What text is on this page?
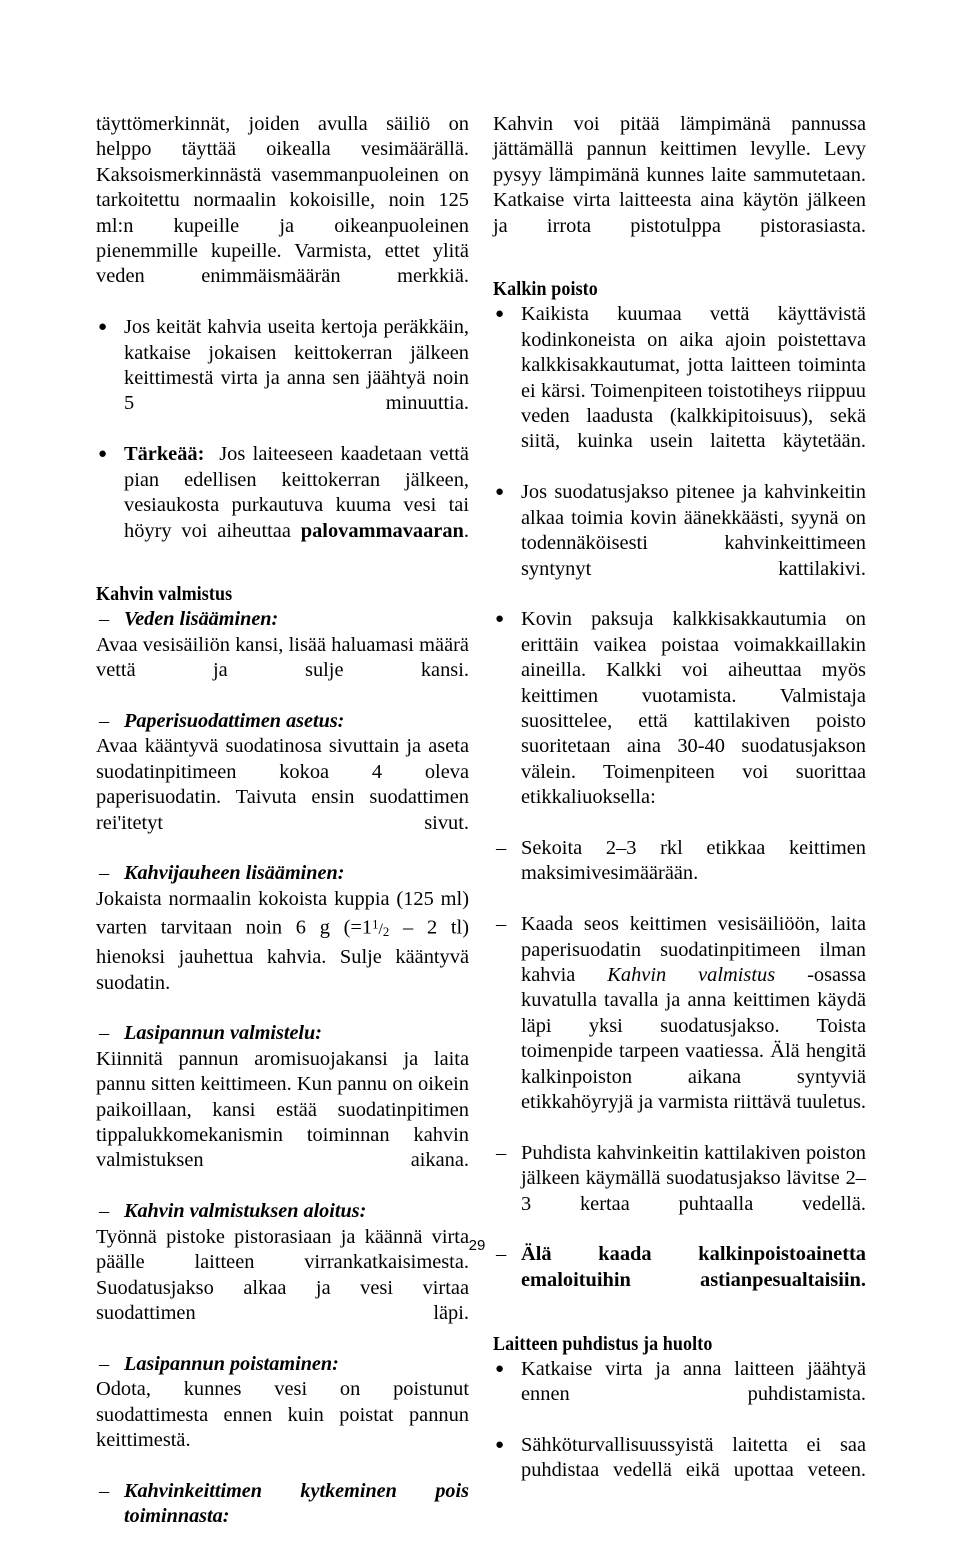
täyttömerkinnät, joiden avulla säiliö on helppo täyttää oikealla vesimäärällä. Kaksoismerkinnästä vasemmanpuoleinen on tarkoitettu normaalin kokoisille, noin 125 ml:n kupeille ja oikeanpuoleinen pienemmille kupeille. Varmista, ettet ylitä veden enimmäismäärän merkkiä.

● Jos keität kahvia useita kertoja peräkkäin, katkaise jokaisen keittokerran jälkeen keittimestä virta ja anna sen jäähtyä noin 5 minuuttia.
● Tärkeää: Jos laiteeseen kaadetaan vettä pian edellisen keittokerran jälkeen, vesiaukosta purkautuva kuuma vesi tai höyry voi aiheuttaa palovammavaaran.

Kahvin valmistus

– Veden lisääminen:

Avaa vesisäiliön kansi, lisää haluamasi määrä vettä ja sulje kansi.

– Paperisuodattimen asetus:

Avaa kääntyvä suodatinosa sivuttain ja aseta suodatinpitimeen kokoa 4 oleva paperisuodatin. Taivuta ensin suodattimen rei'itetyt sivut.

– Kahvijauheen lisääminen:

Jokaista normaalin kokoista kuppia (125 ml) varten tarvitaan noin 6 g ($=1^1/_2 - 2$ tl) hienoksi jauhettua kahvia. Sulje kääntyvä suodatin.

– Lasipannun valmistelu:

Kiinnitä pannun aromisuojakansi ja laita pannu sitten keittimeen. Kun pannu on oikein paikoillaan, kansi estää suodatinpitimen tippalukkomekanismin toiminnan kahvin valmistuksen aikana.

– Kahvin valmistuksen aloitus:

Työnnä pistoke pistorasiaan ja käännä virta päälle laitteen virrankatkaisimesta. Suodatusjakso alkaa ja vesi virtaa suodattimen läpi.

– Lasipannun poistaminen:

Odota, kunnes vesi on poistunut suodattimesta ennen kuin poistat pannun keittimestä.

– Kahvinkeittimen kytkeminen pois toiminnasta:

Kahvin voi pitää lämpimänä pannussa jättämällä pannun keittimen levylle. Levy pysyy lämpimänä kunnes laite sammutetaan. Katkaise virta laitteesta aina käytön jälkeen ja irrota pistotulppa pistorasiasta.

Kalkin poisto

● Kaikista kuumaa vettä käyttävistä kodinkoneista on aika ajoin poistettava kalkkisakkautumat, jotta laitteen toiminta ei kärsi. Toimenpiteen toistotiheys riippuu veden laadusta (kalkkipitoisuus), sekä siitä, kuinka usein laitetta käytetään.
● Jos suodatusjakso pitenee ja kahvinkeitin alkaa toimia kovin äänekkäästi, syynä on todennäköisesti kahvinkeittimeen syntynyt kattilakivi.
● Kovin paksuja kalkkisakkautumia on erittäin vaikea poistaa voimakkaillakin aineilla. Kalkki voi aiheuttaa myös keittimen vuotamista. Valmistaja suosittelee, että kattilakiven poisto suoritetaan aina 30-40 suodatusjakson välein. Toimenpiteen voi suorittaa etikkaliuoksella:
– Sekoita 2–3 rkl etikkaa keittimen maksimivesimäärään.
– Kaada seos keittimen vesisäiliöön, laita paperisuodatin suodatinpitimeen ilman kahvia Kahvin valmistus -osassa kuvatulla tavalla ja anna keittimen käydä läpi yksi suodatusjakso. Toista toimenpide tarpeen vaatiessa. Älä hengitä kalkinpoiston aikana syntyviä etikkahöyryjä ja varmista riittävä tuuletus.
– Puhdista kahvinkeitin kattilakiven poiston jälkeen käymällä suodatusjakso lävitse 2–3 kertaa puhtaalla vedellä.
– Älä kaada kalkinpoistoainetta emaloituihin astianpesualtaisiin.

Laitteen puhdistus ja huolto

● Katkaise virta ja anna laitteen jäähtyä ennen puhdistamista.
● Sähköturvallisuussyistä laitetta ei saa puhdistaa vedellä eikä upottaa veteen.
29
